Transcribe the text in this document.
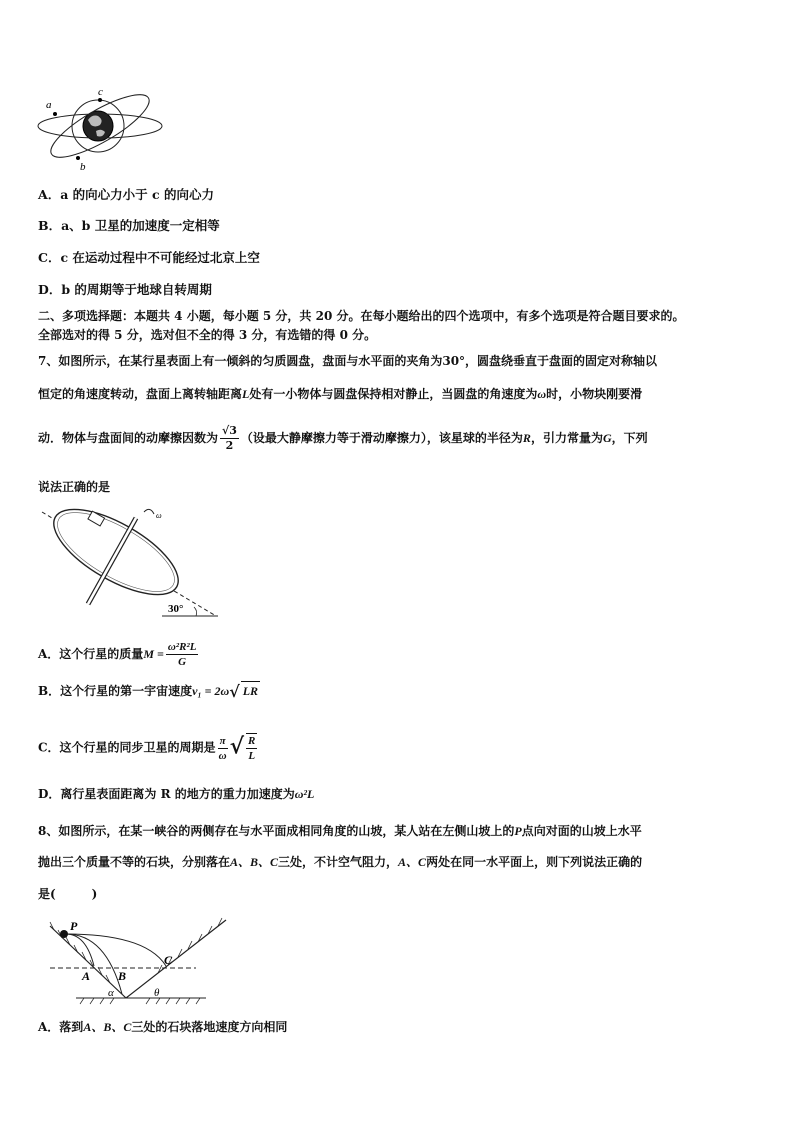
a
c
b
A．a 的向心力小于 c 的向心力
B．a、b 卫星的加速度一定相等
C．c 在运动过程中不可能经过北京上空
D．b 的周期等于地球自转周期
二、多项选择题：本题共 4 小题，每小题 5 分，共 20 分。在每小题给出的四个选项中，有多个选项是符合题目要求的。
全部选对的得 5 分，选对但不全的得 3 分，有选错的得 0 分。
7、如图所示，在某行星表面上有一倾斜的匀质圆盘，盘面与水平面的夹角为30°，圆盘绕垂直于盘面的固定对称轴以
恒定的角速度转动，盘面上离转轴距离L处有一小物体与圆盘保持相对静止，当圆盘的角速度为ω时，小物块刚要滑
动．物体与盘面间的动摩擦因数为 $\frac{√3}{2}$ （设最大静摩擦力等于滑动摩擦力），该星球的半径为R，引力常量为G，下列
说法正确的是
ω
30°
A．这个行星的质量$M = \frac{\text{ω²R²L}}{G}$
B．这个行星的第一宇宙速度v₁ = 2ω√ LR
C．这个行星的同步卫星的周期是 $\frac{\pi}{\omega}$ √ $\frac{R}{L}$
D．离行星表面距离为 R 的地方的重力加速度为ω²L
8、如图所示，在某一峡谷的两侧存在与水平面成相同角度的山坡，某人站在左侧山坡上的P点向对面的山坡上水平
抛出三个质量不等的石块，分别落在A、B、C三处，不计空气阻力，A、C两处在同一水平面上，则下列说法正确的
是(　　　)
P
A B
C
α	θ
A．落到A、B、C三处的石块落地速度方向相同
